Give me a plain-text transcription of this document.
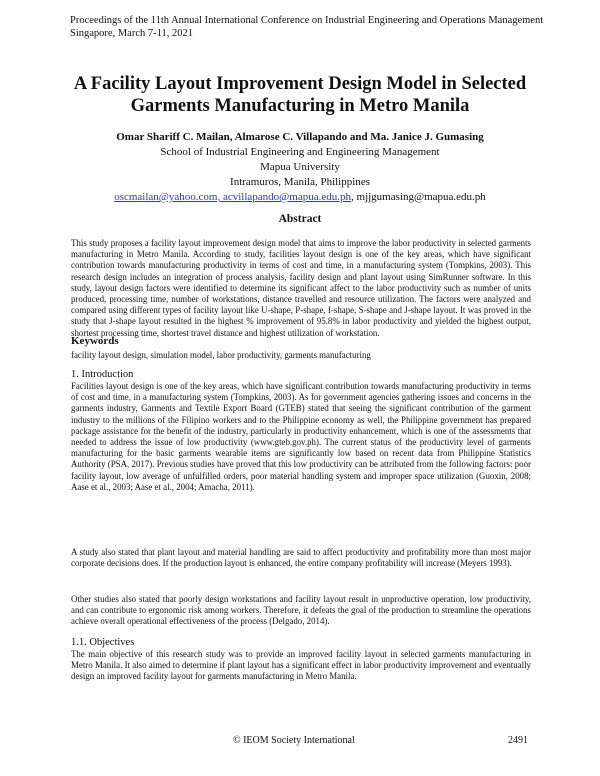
Proceedings of the 11th Annual International Conference on Industrial Engineering and Operations Management
Singapore, March 7-11, 2021
A Facility Layout Improvement Design Model in Selected
Garments Manufacturing in Metro Manila
Omar Shariff C. Mailan, Almarose C. Villapando and Ma. Janice J. Gumasing
School of Industrial Engineering and Engineering Management
Mapua University
Intramuros, Manila, Philippines
oscmailan@yahoo.com, acvillapando@mapua.edu.ph, mjjgumasing@mapua.edu.ph
Abstract
This study proposes a facility layout improvement design model that aims to improve the labor productivity in selected garments manufacturing in Metro Manila. According to study, facilities layout design is one of the key areas, which have significant contribution towards manufacturing productivity in terms of cost and time, in a manufacturing system (Tompkins, 2003). This research design includes an integration of process analysis, facility design and plant layout using SimRunner software. In this study, layout design factors were identified to determine its significant affect to the labor productivity such as number of units produced, processing time, number of workstations, distance travelled and resource utilization. The factors were analyzed and compared using different types of facility layout like U-shape, P-shape, I-shape, S-shape and J-shape layout. It was proved in the study that J-shape layout resulted in the highest % improvement of 95.8% in labor productivity and yielded the highest output, shortest processing time, shortest travel distance and highest utilization of workstation.
Keywords
facility layout design, simulation model, labor productivity, garments manufacturing
1. Introduction
Facilities layout design is one of the key areas, which have significant contribution towards manufacturing productivity in terms of cost and time, in a manufacturing system (Tompkins, 2003). As for government agencies gathering issues and concerns in the garments industry, Garments and Textile Export Board (GTEB) stated that seeing the significant contribution of the garment industry to the millions of the Filipino workers and to the Philippine economy as well, the Philippine government has prepared package assistance for the benefit of the industry, particularly in productivity enhancement, which is one of the assessments that needed to address the issue of low productivity (www.gteb.gov.ph). The current status of the productivity level of garments manufacturing for the basic garments wearable items are significantly low based on recent data from Philippine Statistics Authority (PSA, 2017). Previous studies have proved that this low productivity can be attributed from the following factors: poor facility layout, low average of unfulfilled orders, poor material handling system and improper space utilization (Guoxin, 2008; Aase et al., 2003; Aase et al., 2004; Amacha, 2011).
A study also stated that plant layout and material handling are said to affect productivity and profitability more than most major corporate decisions does. If the production layout is enhanced, the entire company profitability will increase (Meyers 1993).
Other studies also stated that poorly design workstations and facility layout result in unproductive operation, low productivity, and can contribute to ergonomic risk among workers. Therefore, it defeats the goal of the production to streamline the operations achieve overall operational effectiveness of the process (Delgado, 2014).
1.1. Objectives
The main objective of this research study was to provide an improved facility layout in selected garments manufacturing in Metro Manila. It also aimed to determine if plant layout has a significant effect in labor productivity improvement and eventually design an improved facility layout for garments manufacturing in Metro Manila.
© IEOM Society International	2491
